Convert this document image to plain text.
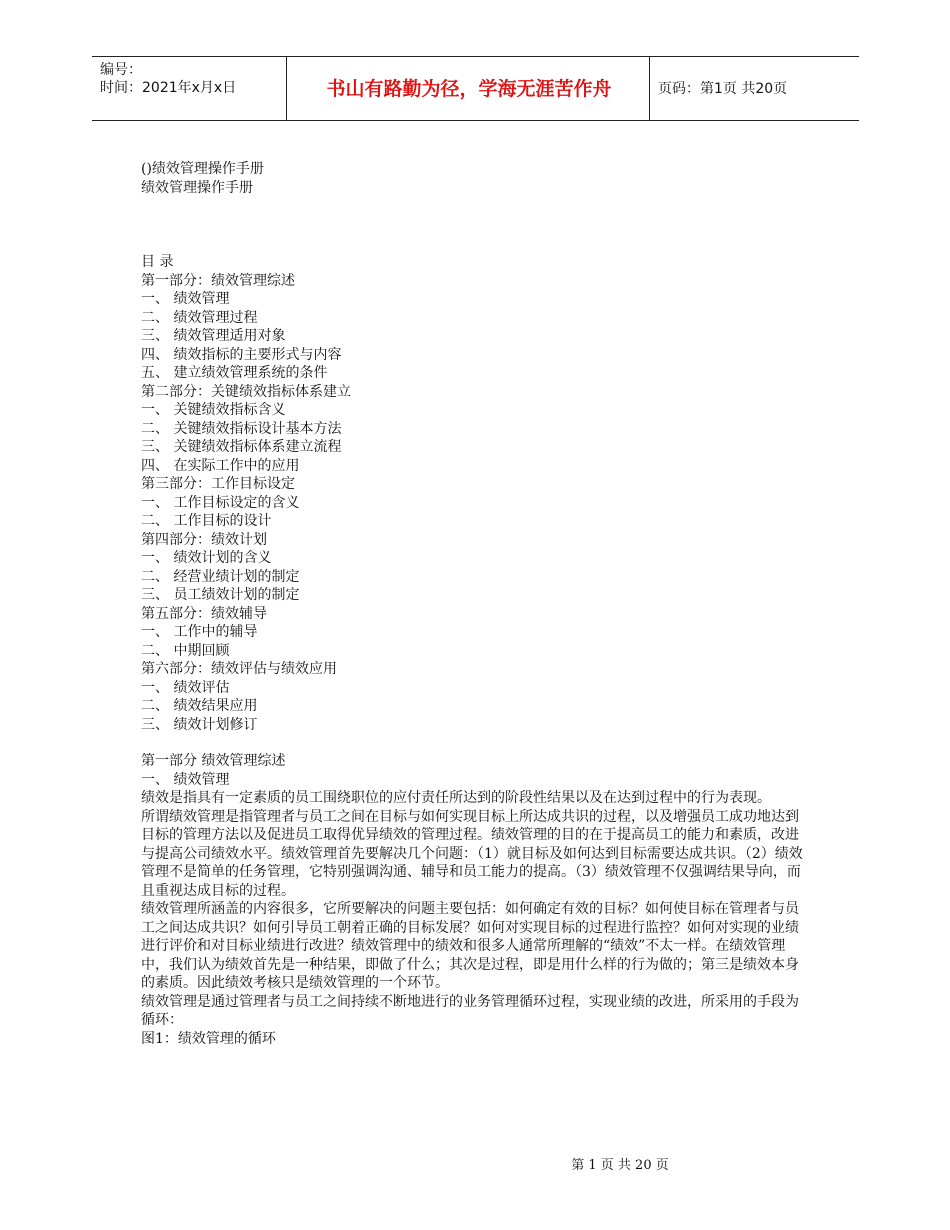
编号：
时间：2021年x月x日	书山有路勤为径，学海无涯苦作舟	页码：第1页 共20页

()绩效管理操作手册

绩效管理操作手册

目 录

第一部分：绩效管理综述

一、 绩效管理

二、 绩效管理过程

三、 绩效管理适用对象

四、 绩效指标的主要形式与内容

五、 建立绩效管理系统的条件

第二部分：关键绩效指标体系建立

一、 关键绩效指标含义

二、 关键绩效指标设计基本方法

三、 关键绩效指标体系建立流程

四、 在实际工作中的应用

第三部分：工作目标设定

一、 工作目标设定的含义

二、 工作目标的设计

第四部分：绩效计划

一、 绩效计划的含义

二、 经营业绩计划的制定

三、 员工绩效计划的制定

第五部分：绩效辅导

一、 工作中的辅导

二、 中期回顾

第六部分：绩效评估与绩效应用

一、 绩效评估

二、 绩效结果应用

三、 绩效计划修订

第一部分 绩效管理综述

一、 绩效管理

绩效是指具有一定素质的员工围绕职位的应付责任所达到的阶段性结果以及在达到过程中的行为表现。

所谓绩效管理是指管理者与员工之间在目标与如何实现目标上所达成共识的过程，以及增强员工成功地达到目标的管理方法以及促进员工取得优异绩效的管理过程。绩效管理的目的在于提高员工的能力和素质，改进与提高公司绩效水平。绩效管理首先要解决几个问题：（1）就目标及如何达到目标需要达成共识。（2）绩效管理不是简单的任务管理，它特别强调沟通、辅导和员工能力的提高。（3）绩效管理不仅强调结果导向，而且重视达成目标的过程。

绩效管理所涵盖的内容很多，它所要解决的问题主要包括：如何确定有效的目标？如何使目标在管理者与员工之间达成共识？如何引导员工朝着正确的目标发展？如何对实现目标的过程进行监控？如何对实现的业绩进行评价和对目标业绩进行改进？绩效管理中的绩效和很多人通常所理解的“绩效”不太一样。在绩效管理中，我们认为绩效首先是一种结果，即做了什么；其次是过程，即是用什么样的行为做的；第三是绩效本身的素质。因此绩效考核只是绩效管理的一个环节。

绩效管理是通过管理者与员工之间持续不断地进行的业务管理循环过程，实现业绩的改进，所采用的手段为循环：

图1：绩效管理的循环

第 1 页 共 20 页
